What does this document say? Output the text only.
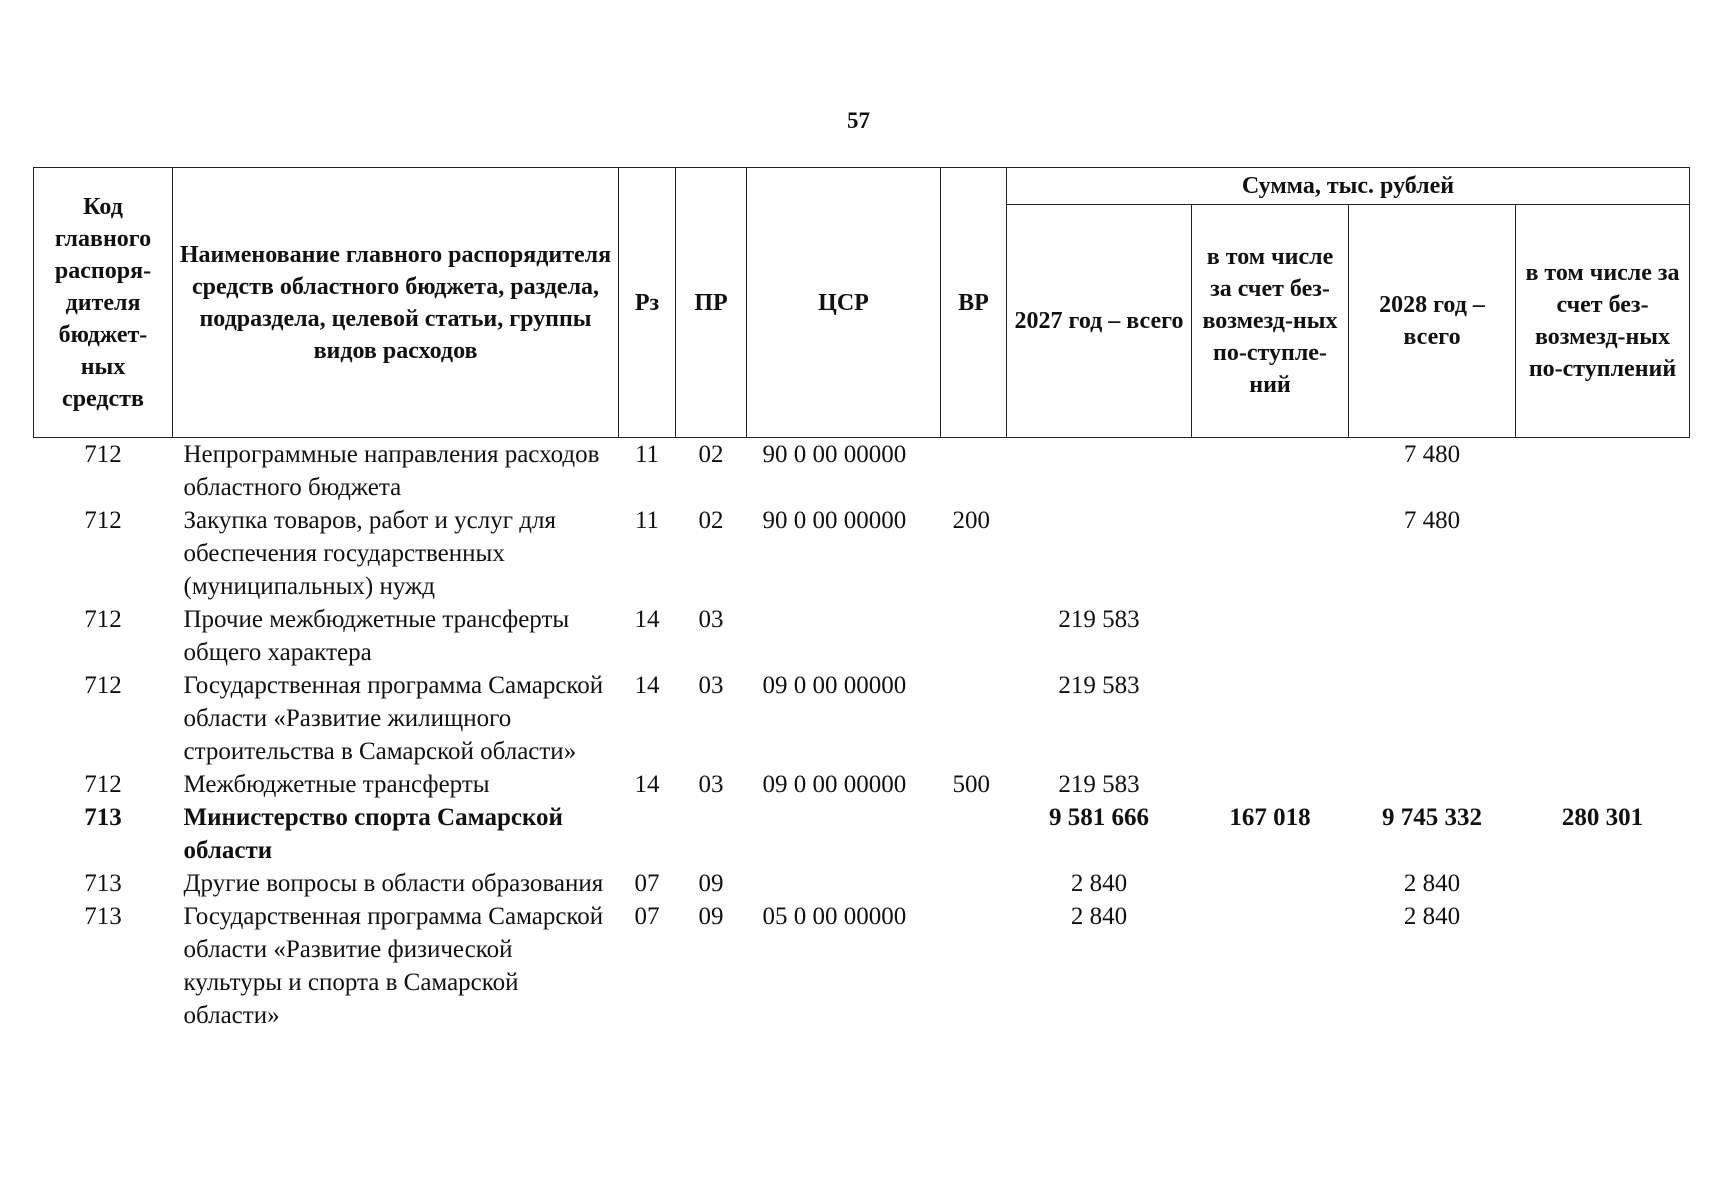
57
Код главного распоря-дителя бюджет-ных средств	Наименование главного распорядителя средств областного бюджета, раздела, подраздела, целевой статьи, группы видов расходов	Рз	ПР	ЦСР	ВР	Сумма, тыс. рублей			
						2027 год – всего	в том числе за счет без-возмезд-ных по-ступле-ний	2028 год – всего	в том числе за счет без-возмезд-ных по-ступлений
712	Непрограммные направления расходов областного бюджета	11	02	90 0 00 00000				7 480	
712	Закупка товаров, работ и услуг для обеспечения государственных (муниципальных) нужд	11	02	90 0 00 00000	200			7 480	
712	Прочие межбюджетные трансферты общего характера	14	03			219 583			
712	Государственная программа Самарской области «Развитие жилищного строительства в Самарской области»	14	03	09 0 00 00000		219 583			
712	Межбюджетные трансферты	14	03	09 0 00 00000	500	219 583			
713	Министерство спорта Самарской области					9 581 666	167 018	9 745 332	280 301
713	Другие вопросы в области образования	07	09			2 840		2 840	
713	Государственная программа Самарской области «Развитие физической культуры и спорта в Самарской области»	07	09	05 0 00 00000		2 840		2 840	
